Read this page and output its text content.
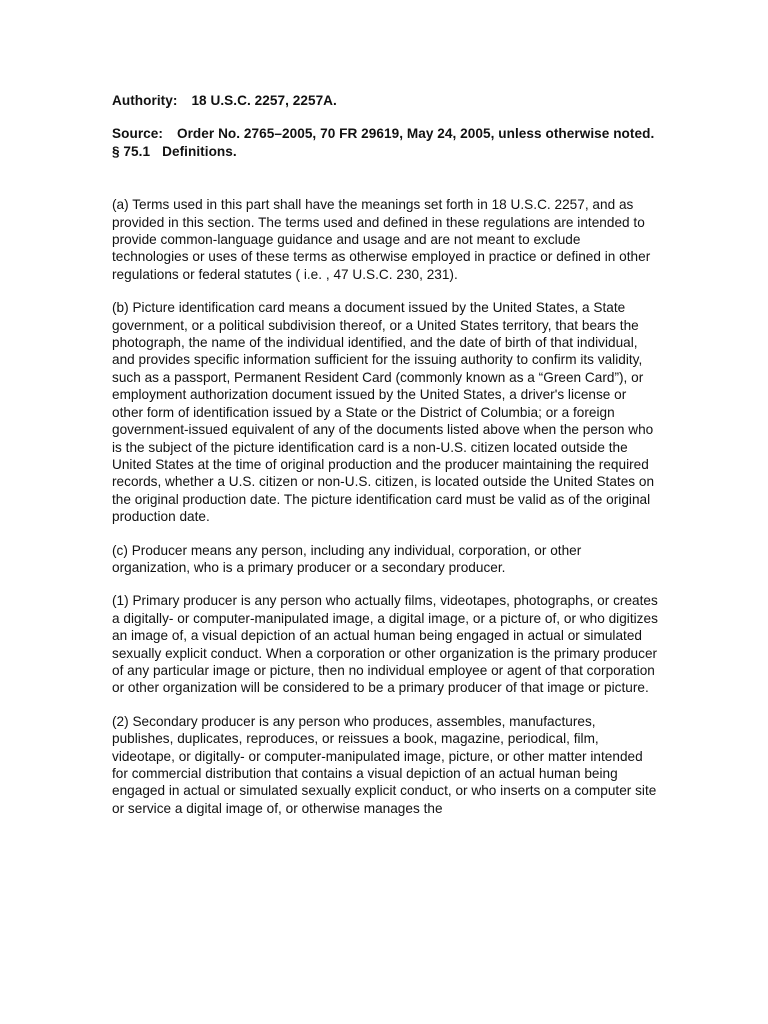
Authority: 18 U.S.C. 2257, 2257A.

Source: Order No. 2765–2005, 70 FR 29619, May 24, 2005, unless otherwise noted.

§ 75.1 Definitions.

(a) Terms used in this part shall have the meanings set forth in 18 U.S.C. 2257, and as provided in this section. The terms used and defined in these regulations are intended to provide common-language guidance and usage and are not meant to exclude technologies or uses of these terms as otherwise employed in practice or defined in other regulations or federal statutes ( i.e. , 47 U.S.C. 230, 231).

(b) Picture identification card means a document issued by the United States, a State government, or a political subdivision thereof, or a United States territory, that bears the photograph, the name of the individual identified, and the date of birth of that individual, and provides specific information sufficient for the issuing authority to confirm its validity, such as a passport, Permanent Resident Card (commonly known as a “Green Card”), or employment authorization document issued by the United States, a driver's license or other form of identification issued by a State or the District of Columbia; or a foreign government-issued equivalent of any of the documents listed above when the person who is the subject of the picture identification card is a non-U.S. citizen located outside the United States at the time of original production and the producer maintaining the required records, whether a U.S. citizen or non-U.S. citizen, is located outside the United States on the original production date. The picture identification card must be valid as of the original production date.

(c) Producer means any person, including any individual, corporation, or other organization, who is a primary producer or a secondary producer.

(1) Primary producer is any person who actually films, videotapes, photographs, or creates a digitally- or computer-manipulated image, a digital image, or a picture of, or who digitizes an image of, a visual depiction of an actual human being engaged in actual or simulated sexually explicit conduct. When a corporation or other organization is the primary producer of any particular image or picture, then no individual employee or agent of that corporation or other organization will be considered to be a primary producer of that image or picture.

(2) Secondary producer is any person who produces, assembles, manufactures, publishes, duplicates, reproduces, or reissues a book, magazine, periodical, film, videotape, or digitally- or computer-manipulated image, picture, or other matter intended for commercial distribution that contains a visual depiction of an actual human being engaged in actual or simulated sexually explicit conduct, or who inserts on a computer site or service a digital image of, or otherwise manages the
